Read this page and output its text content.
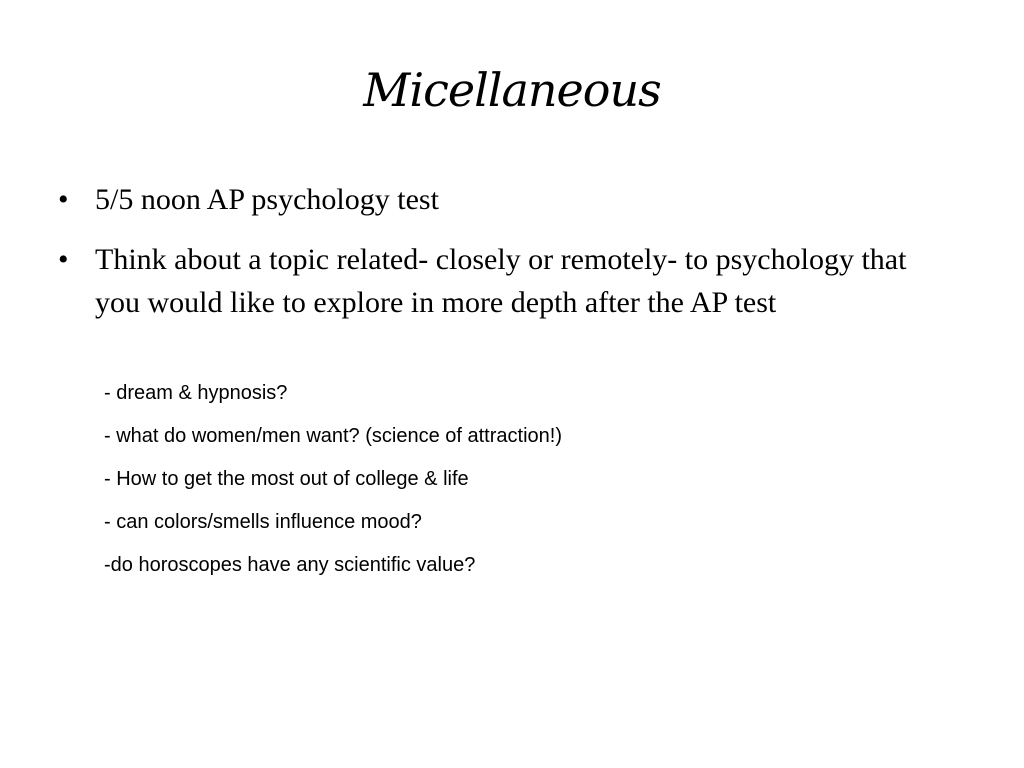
Micellaneous
• 5/5 noon AP psychology test
• Think about a topic related- closely or remotely- to psychology that you would like to explore in more depth after the AP test
- dream & hypnosis?
- what do women/men want? (science of attraction!)
- How to get the most out of college & life
- can colors/smells influence mood?
-do horoscopes have any scientific value?
